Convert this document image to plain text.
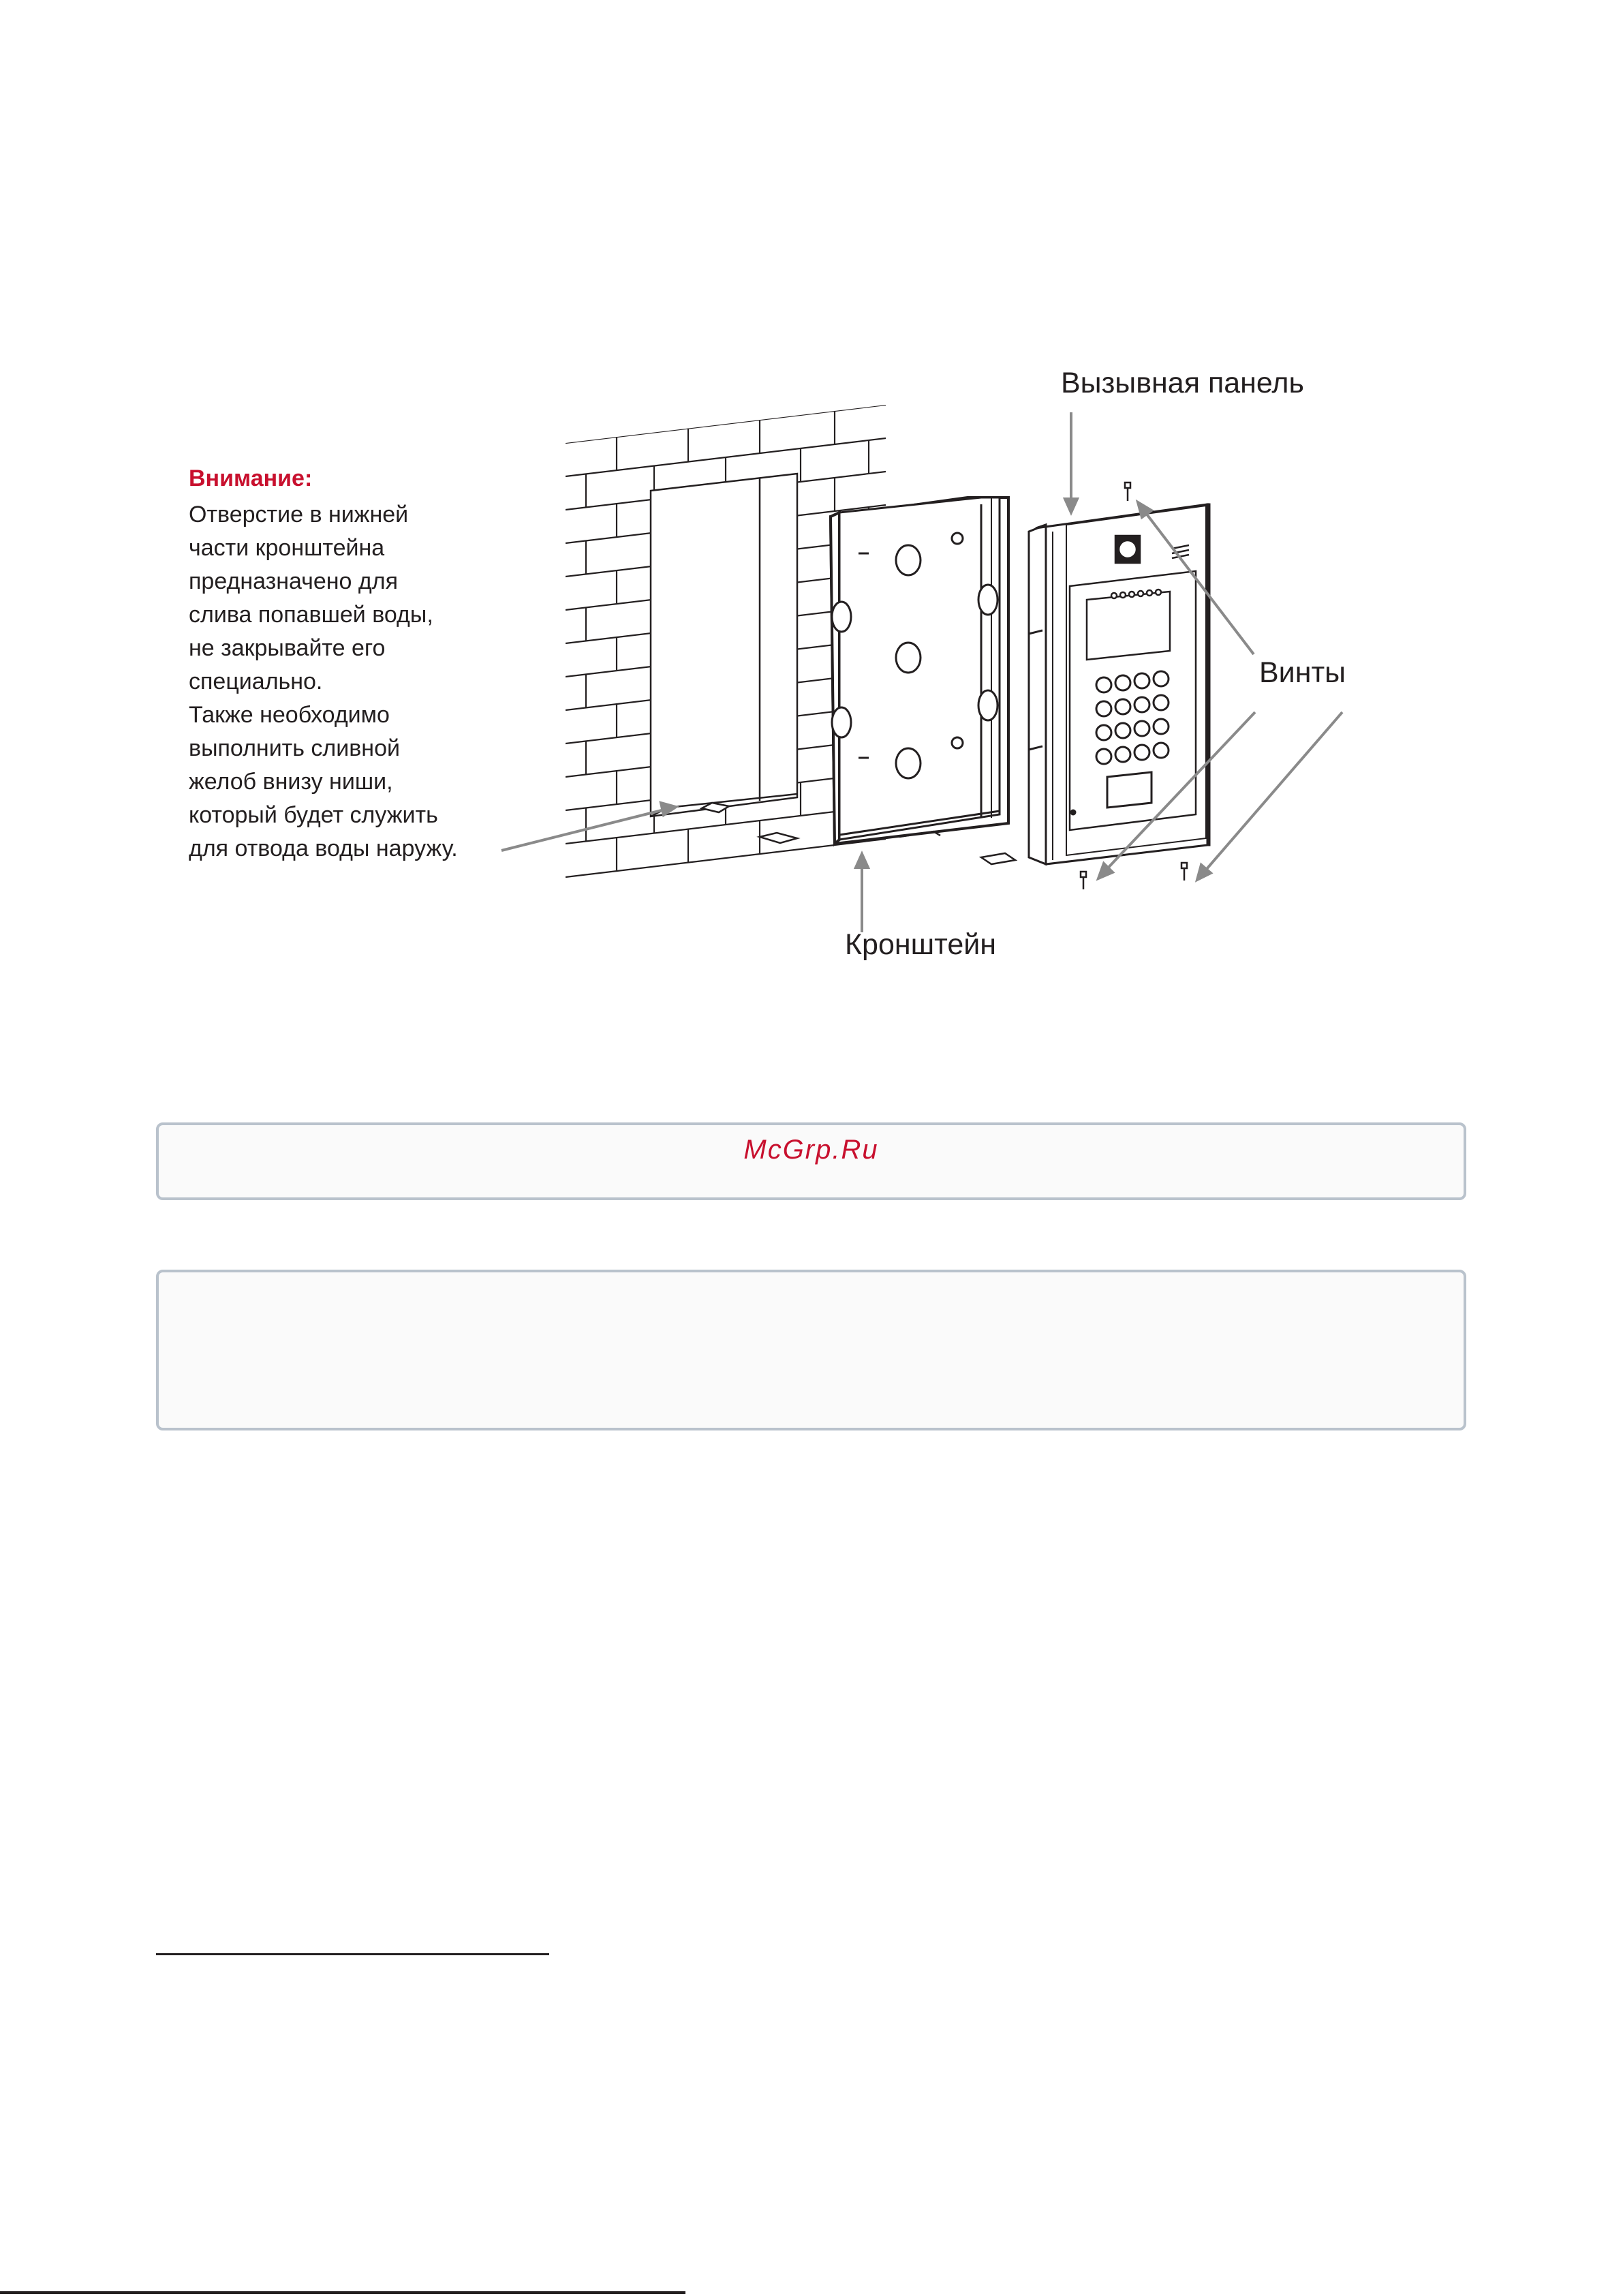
Внимание:

Отверстие в нижней

части кронштейна

предназначено для

слива попавшей воды,

не закрывайте его

специально.

Также необходимо

выполнить сливной

желоб внизу ниши,

который будет служить

для отвода воды наружу.

Вызывная панель
Винты
Кронштейн
McGrp.Ru
